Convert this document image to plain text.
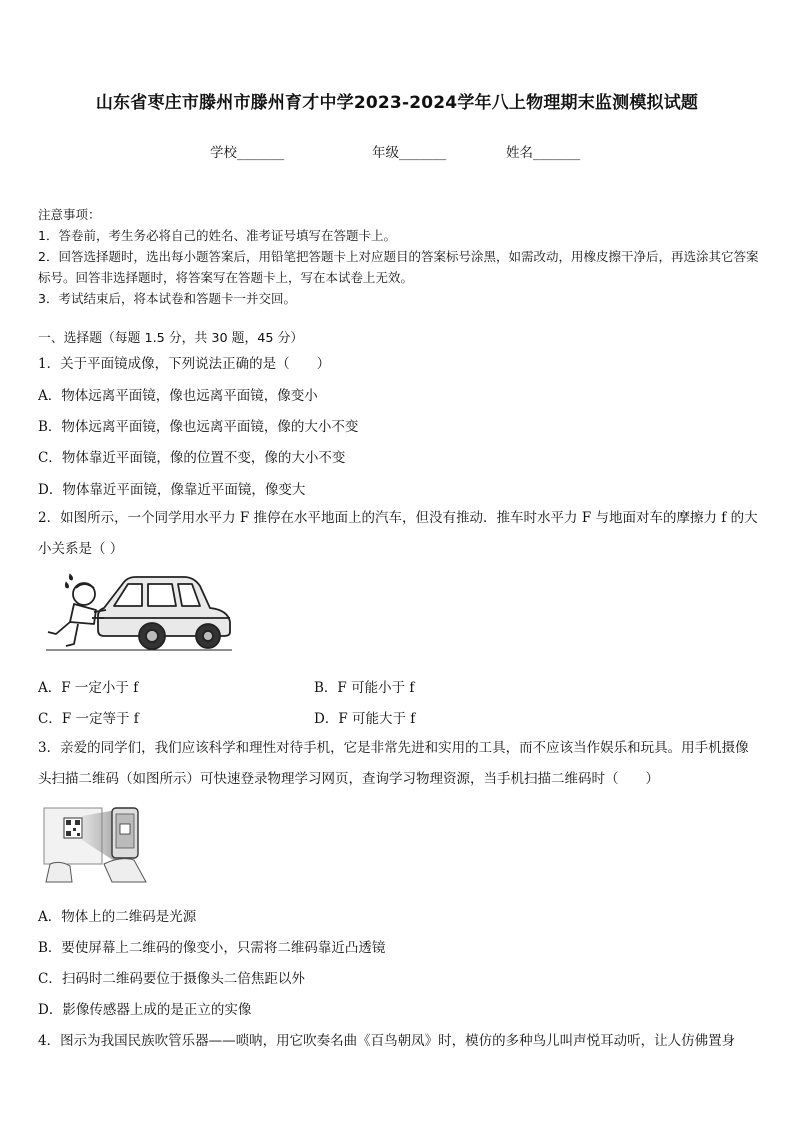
山东省枣庄市滕州市滕州育才中学2023-2024学年八上物理期末监测模拟试题
学校_______	年级_______	姓名_______
注意事项：
1．答卷前，考生务必将自己的姓名、准考证号填写在答题卡上。
2．回答选择题时，选出每小题答案后，用铅笔把答题卡上对应题目的答案标号涂黑，如需改动，用橡皮擦干净后，再选涂其它答案标号。回答非选择题时，将答案写在答题卡上，写在本试卷上无效。
3．考试结束后，将本试卷和答题卡一并交回。
一、选择题（每题 1.5 分，共 30 题，45 分）
1．关于平面镜成像，下列说法正确的是（　　）
A．物体远离平面镜，像也远离平面镜，像变小
B．物体远离平面镜，像也远离平面镜，像的大小不变
C．物体靠近平面镜，像的位置不变，像的大小不变
D．物体靠近平面镜，像靠近平面镜，像变大
2．如图所示，一个同学用水平力 F 推停在水平地面上的汽车，但没有推动．推车时水平力 F 与地面对车的摩擦力 f 的大小关系是（ ）
A．F 一定小于 f	B．F 可能小于 f
C．F 一定等于 f	D．F 可能大于 f
3．亲爱的同学们，我们应该科学和理性对待手机，它是非常先进和实用的工具，而不应该当作娱乐和玩具。用手机摄像头扫描二维码（如图所示）可快速登录物理学习网页，查询学习物理资源，当手机扫描二维码时（　　）
A．物体上的二维码是光源
B．要使屏幕上二维码的像变小，只需将二维码靠近凸透镜
C．扫码时二维码要位于摄像头二倍焦距以外
D．影像传感器上成的是正立的实像
4．图示为我国民族吹管乐器——唢呐，用它吹奏名曲《百鸟朝凤》时，模仿的多种鸟儿叫声悦耳动听，让人仿佛置身
